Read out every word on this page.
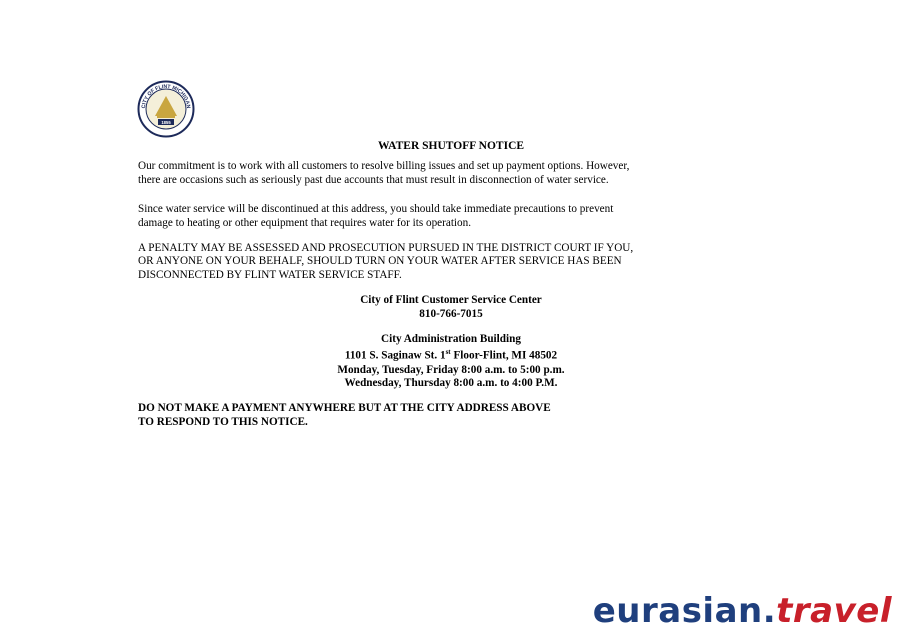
CITY OF FLINT MICHIGAN
1855

WATER SHUTOFF NOTICE

Our commitment is to work with all customers to resolve billing issues and set up payment options. However,
there are occasions such as seriously past due accounts that must result in disconnection of water service.

Since water service will be discontinued at this address, you should take immediate precautions to prevent
damage to heating or other equipment that requires water for its operation.

A PENALTY MAY BE ASSESSED AND PROSECUTION PURSUED IN THE DISTRICT COURT IF YOU,
OR ANYONE ON YOUR BEHALF, SHOULD TURN ON YOUR WATER AFTER SERVICE HAS BEEN
DISCONNECTED BY FLINT WATER SERVICE STAFF.

City of Flint Customer Service Center
810-766-7015
City Administration Building
1101 S. Saginaw St. 1st Floor-Flint, MI 48502
Monday, Tuesday, Friday 8:00 a.m. to 5:00 p.m.
Wednesday, Thursday 8:00 a.m. to 4:00 P.M.

DO NOT MAKE A PAYMENT ANYWHERE BUT AT THE CITY ADDRESS ABOVE
TO RESPOND TO THIS NOTICE.

eurasian.travel
